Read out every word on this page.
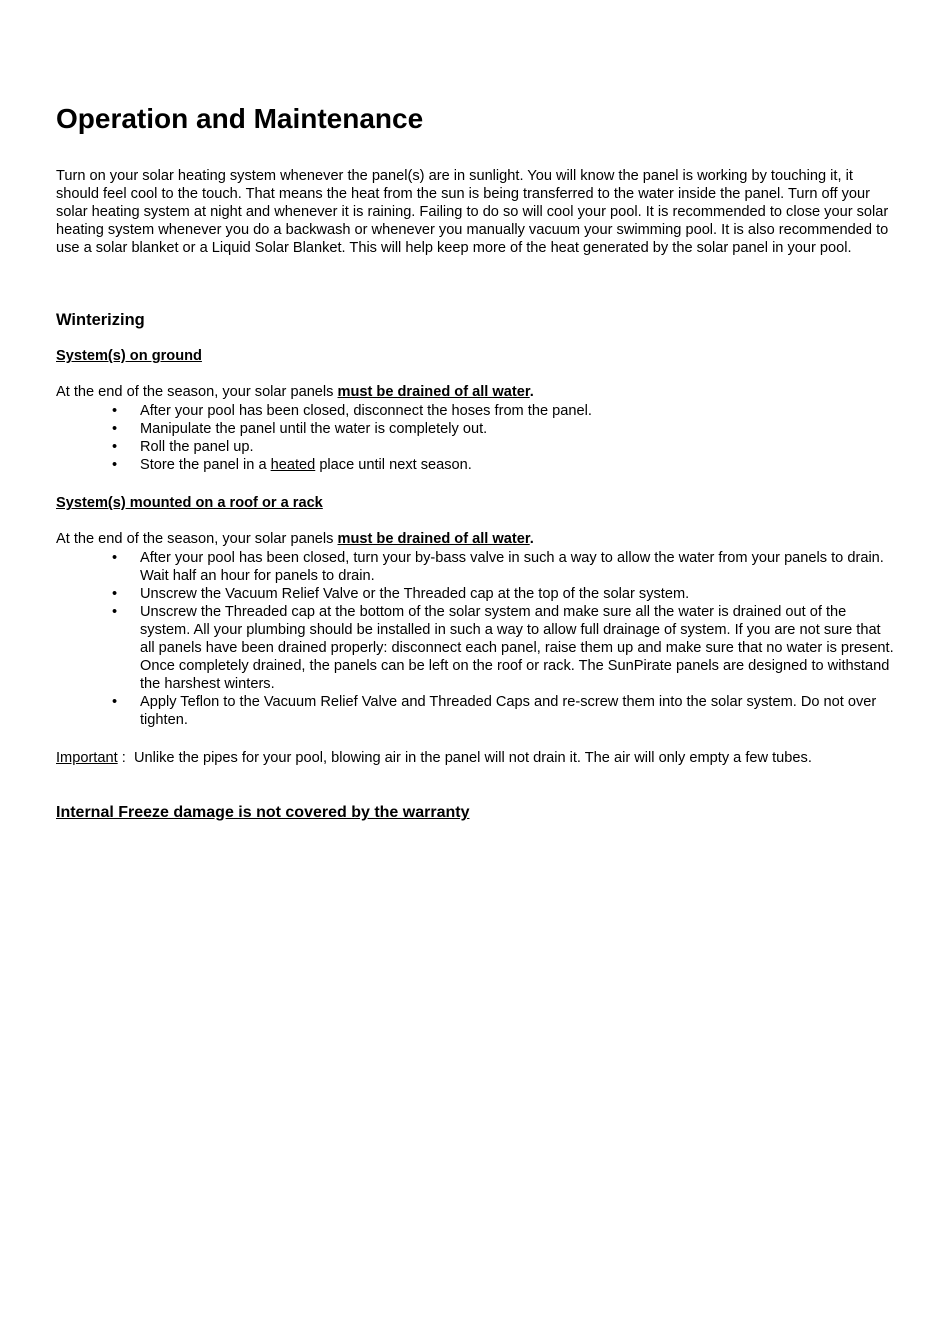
Operation and Maintenance

Turn on your solar heating system whenever the panel(s) are in sunlight. You will know the panel is working by touching it, it should feel cool to the touch. That means the heat from the sun is being transferred to the water inside the panel. Turn off your solar heating system at night and whenever it is raining. Failing to do so will cool your pool. It is recommended to close your solar heating system whenever you do a backwash or whenever you manually vacuum your swimming pool. It is also recommended to use a solar blanket or a Liquid Solar Blanket. This will help keep more of the heat generated by the solar panel in your pool.

Winterizing

System(s) on ground

At the end of the season, your solar panels must be drained of all water.

•	After your pool has been closed, disconnect the hoses from the panel.
•	Manipulate the panel until the water is completely out.
•	Roll the panel up.
•	Store the panel in a heated place until next season.

System(s) mounted on a roof or a rack

At the end of the season, your solar panels must be drained of all water.

•	After your pool has been closed, turn your by-bass valve in such a way to allow the water from your panels to drain. Wait half an hour for panels to drain.
•	Unscrew the Vacuum Relief Valve or the Threaded cap at the top of the solar system.
•	Unscrew the Threaded cap at the bottom of the solar system and make sure all the water is drained out of the system. All your plumbing should be installed in such a way to allow full drainage of system. If you are not sure that all panels have been drained properly: disconnect each panel, raise them up and make sure that no water is present. Once completely drained, the panels can be left on the roof or rack. The SunPirate panels are designed to withstand the harshest winters.
•	Apply Teflon to the Vacuum Relief Valve and Threaded Caps and re-screw them into the solar system. Do not over tighten.
Important :Unlike the pipes for your pool, blowing air in the panel will not drain it. The air will only empty a few tubes.

Internal Freeze damage is not covered by the warranty
